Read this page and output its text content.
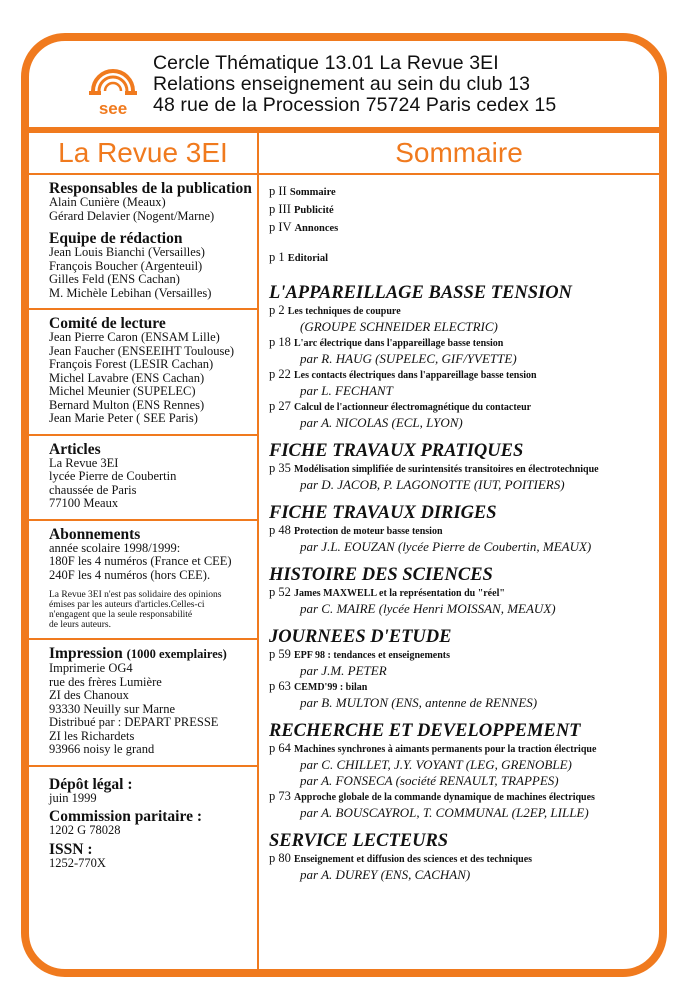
see
Cercle Thématique 13.01 La Revue 3EI
Relations enseignement au sein du club 13
48 rue de la Procession 75724 Paris cedex 15
La Revue 3EI	Sommaire
Responsables de la publication
Alain Cunière (Meaux)
Gérard Delavier (Nogent/Marne)
Equipe de rédaction
Jean Louis Bianchi (Versailles)
François Boucher (Argenteuil)
Gilles Feld (ENS Cachan)
M. Michèle Lebihan (Versailles)
Comité de lecture
Jean Pierre Caron (ENSAM Lille)
Jean Faucher (ENSEEIHT Toulouse)
François Forest (LESIR Cachan)
Michel Lavabre (ENS Cachan)
Michel Meunier (SUPELEC)
Bernard Multon (ENS Rennes)
Jean Marie Peter ( SEE Paris)
Articles
La Revue 3EI
lycée Pierre de Coubertin
chaussée de Paris
77100 Meaux
Abonnements
année scolaire 1998/1999:
180F les 4 numéros (France et CEE)
240F les 4 numéros (hors CEE).
La Revue 3EI n'est pas solidaire des opinions
émises par les auteurs d'articles.Celles-ci
n'engagent que la seule responsabilité
de leurs auteurs.
Impression (1000 exemplaires)
Imprimerie OG4
rue des frères Lumière
ZI des Chanoux
93330 Neuilly sur Marne
Distribué par : DEPART PRESSE
ZI les Richardets
93966 noisy le grand
Dépôt légal :
juin 1999
Commission paritaire :
1202 G 78028
ISSN :
1252-770X
p II Sommaire
p III Publicité
p IV Annonces
p 1 Editorial
L'APPAREILLAGE BASSE TENSION
p 2 Les techniques de coupure
(GROUPE SCHNEIDER ELECTRIC)
p 18 L'arc électrique dans l'appareillage basse tension
par R. HAUG (SUPELEC, GIF/YVETTE)
p 22 Les contacts électriques dans l'appareillage basse tension
par L. FECHANT
p 27 Calcul de l'actionneur électromagnétique du contacteur
par A. NICOLAS (ECL, LYON)
FICHE TRAVAUX PRATIQUES
p 35 Modélisation simplifiée de surintensités transitoires en électrotechnique
par D. JACOB, P. LAGONOTTE (IUT, POITIERS)
FICHE TRAVAUX DIRIGES
p 48 Protection de moteur basse tension
par J.L. EOUZAN (lycée Pierre de Coubertin, MEAUX)
HISTOIRE DES SCIENCES
p 52 James MAXWELL et la représentation du "réel"
par C. MAIRE (lycée Henri MOISSAN, MEAUX)
JOURNEES D'ETUDE
p 59 EPF 98 : tendances et enseignements
par J.M. PETER
p 63 CEMD'99 : bilan
par B. MULTON (ENS, antenne de RENNES)
RECHERCHE ET DEVELOPPEMENT
p 64 Machines synchrones à aimants permanents pour la traction électrique
par C. CHILLET, J.Y. VOYANT (LEG, GRENOBLE)
par A. FONSECA (société RENAULT, TRAPPES)
p 73 Approche globale de la commande dynamique de machines électriques
par A. BOUSCAYROL, T. COMMUNAL (L2EP, LILLE)
SERVICE LECTEURS
p 80 Enseignement et diffusion des sciences et des techniques
par A. DUREY (ENS, CACHAN)
